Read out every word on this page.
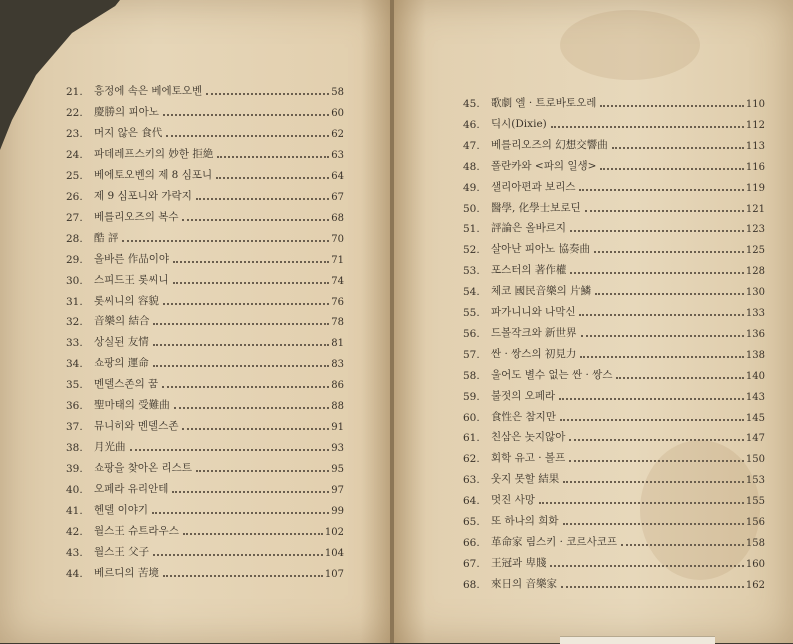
21.	흥정에 속은 베에토오벤	58
22.	慶勝의 피아노	60
23.	머지 않은 食代	62
24.	파데레프스키의 妙한 拒絶	63
25.	베에토오벤의 제 8 심포니	64
26.	제 9 심포니와 가락지	67
27.	베를리오즈의 복수	68
28.	酷 評	70
29.	올바른 作品이야	71
30.	스피드王 롯씨니	74
31.	롯씨니의 容貌	76
32.	音樂의 結合	78
33.	상실된 友情	81
34.	쇼팡의 運命	83
35.	멘델스존의 꿈	86
36.	聖마태의 受難曲	88
37.	뮤니히와 멘델스존	91
38.	月光曲	93
39.	쇼팡을 찾아온 리스트	95
40.	오페라 유리안테	97
41.	헨델 이야기	99
42.	월스王 슈트라우스	102
43.	월스王 父子	104
44.	베르디의 苦境	107
45.	歌劇 엘 · 트로바토오레	110
46.	딕시(Dixie)	112
47.	베를리오즈의 幻想交響曲	113
48.	폴란카와 <파의 일생>	116
49.	샐리아편과 보리스	119
50.	醫學, 化學士보로딘	121
51.	評論은 올바르지	123
52.	살아난 피아노 協奏曲	125
53.	포스터의 著作權	128
54.	체코 國民音樂의 片鱗	130
55.	파가니니와 나막신	133
56.	드볼작크와 新世界	136
57.	싼 · 쌍스의 初見力	138
58.	울어도 별수 없는 싼 · 쌍스	140
59.	불젓의 오페라	143
60.	食性은 참지만	145
61.	친삼은 놋지않아	147
62.	회학 유고 · 볼프	150
63.	웃지 못할 結果	153
64.	멋진 사망	155
65.	또 하나의 희화	156
66.	革命家 림스키 · 코르사코프	158
67.	王冠과 卑賤	160
68.	來日의 音樂家	162
